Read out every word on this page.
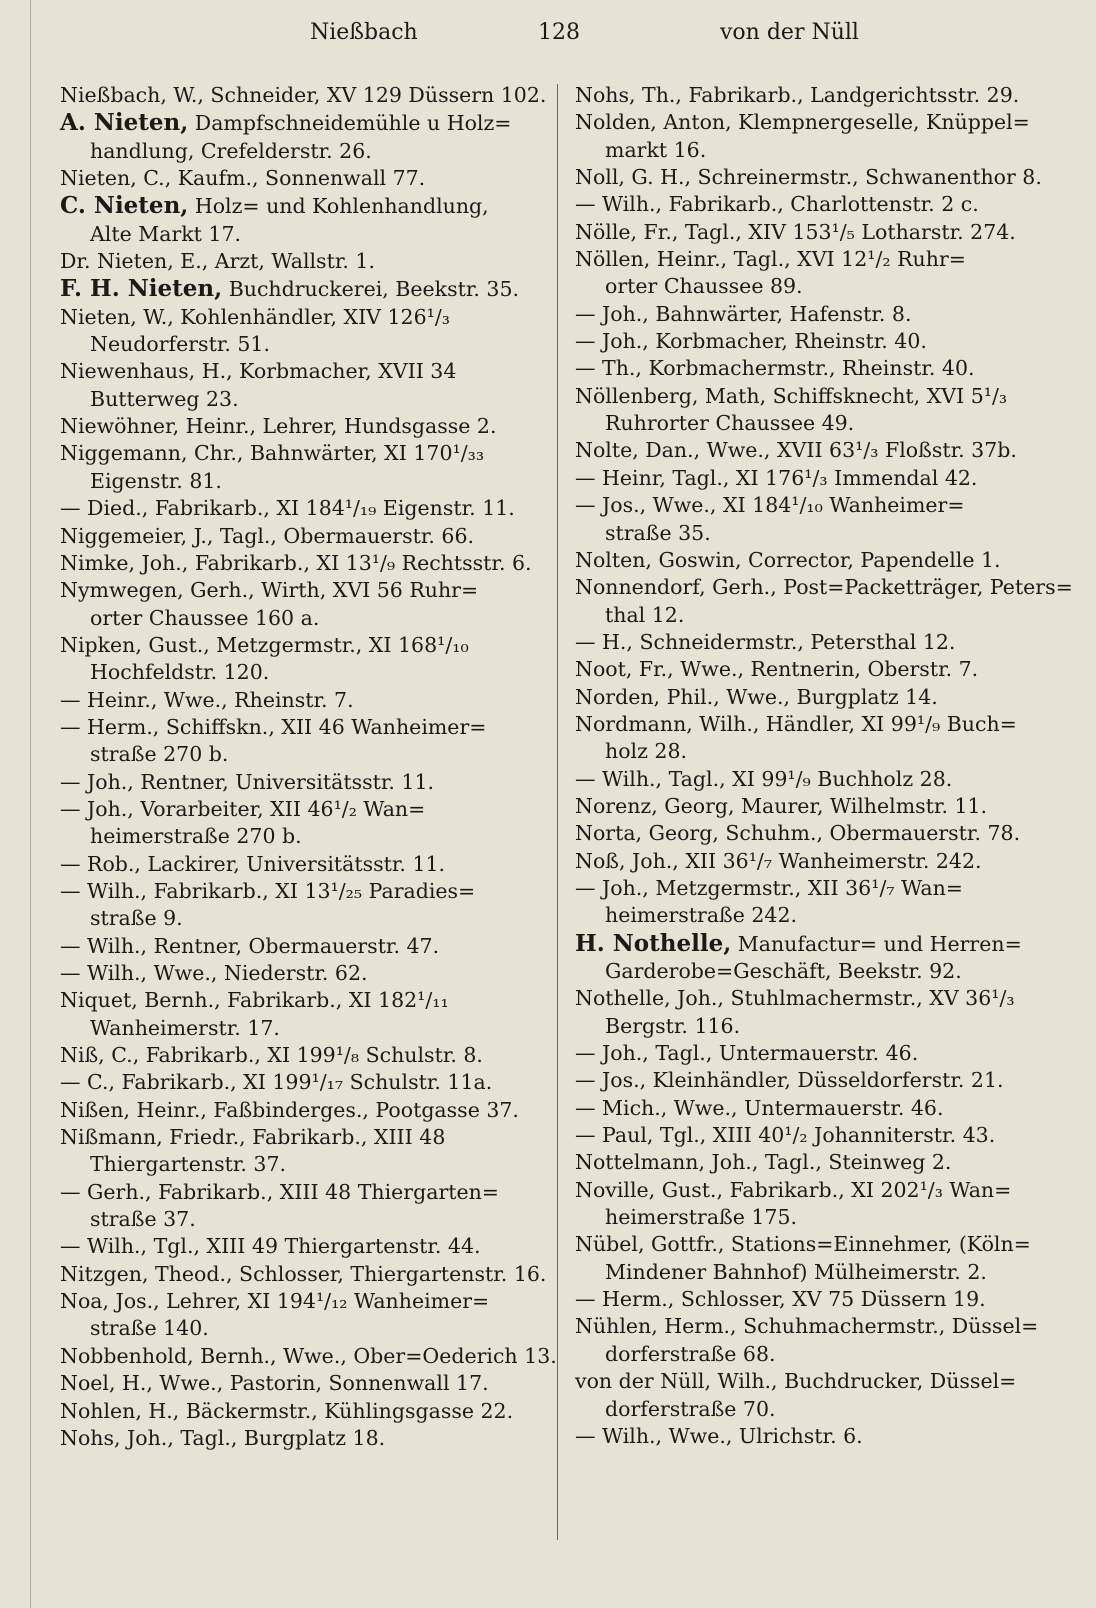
Nießbach	128	von der Nüll
Nießbach, W., Schneider, XV 129 Düssern 102.
A. Nieten, Dampfschneidemühle u Holz=
handlung, Crefelderstr. 26.
Nieten, C., Kaufm., Sonnenwall 77.
C. Nieten, Holz= und Kohlenhandlung,
Alte Markt 17.
Dr. Nieten, E., Arzt, Wallstr. 1.
F. H. Nieten, Buchdruckerei, Beekstr. 35.
Nieten, W., Kohlenhändler, XIV 126¹/₃
Neudorferstr. 51.
Niewenhaus, H., Korbmacher, XVII 34
Butterweg 23.
Niewöhner, Heinr., Lehrer, Hundsgasse 2.
Niggemann, Chr., Bahnwärter, XI 170¹/₃₃
Eigenstr. 81.
— Died., Fabrikarb., XI 184¹/₁₉ Eigenstr. 11.
Niggemeier, J., Tagl., Obermauerstr. 66.
Nimke, Joh., Fabrikarb., XI 13¹/₉ Rechtsstr. 6.
Nymwegen, Gerh., Wirth, XVI 56 Ruhr=
orter Chaussee 160 a.
Nipken, Gust., Metzgermstr., XI 168¹/₁₀
Hochfeldstr. 120.
— Heinr., Wwe., Rheinstr. 7.
— Herm., Schiffskn., XII 46 Wanheimer=
straße 270 b.
— Joh., Rentner, Universitätsstr. 11.
— Joh., Vorarbeiter, XII 46¹/₂ Wan=
heimerstraße 270 b.
— Rob., Lackirer, Universitätsstr. 11.
— Wilh., Fabrikarb., XI 13¹/₂₅ Paradies=
straße 9.
— Wilh., Rentner, Obermauerstr. 47.
— Wilh., Wwe., Niederstr. 62.
Niquet, Bernh., Fabrikarb., XI 182¹/₁₁
Wanheimerstr. 17.
Niß, C., Fabrikarb., XI 199¹/₈ Schulstr. 8.
— C., Fabrikarb., XI 199¹/₁₇ Schulstr. 11a.
Nißen, Heinr., Faßbinderges., Pootgasse 37.
Nißmann, Friedr., Fabrikarb., XIII 48
Thiergartenstr. 37.
— Gerh., Fabrikarb., XIII 48 Thiergarten=
straße 37.
— Wilh., Tgl., XIII 49 Thiergartenstr. 44.
Nitzgen, Theod., Schlosser, Thiergartenstr. 16.
Noa, Jos., Lehrer, XI 194¹/₁₂ Wanheimer=
straße 140.
Nobbenhold, Bernh., Wwe., Ober=Oederich 13.
Noel, H., Wwe., Pastorin, Sonnenwall 17.
Nohlen, H., Bäckermstr., Kühlingsgasse 22.
Nohs, Joh., Tagl., Burgplatz 18.
Nohs, Th., Fabrikarb., Landgerichtsstr. 29.
Nolden, Anton, Klempnergeselle, Knüppel=
markt 16.
Noll, G. H., Schreinermstr., Schwanenthor 8.
— Wilh., Fabrikarb., Charlottenstr. 2 c.
Nölle, Fr., Tagl., XIV 153¹/₅ Lotharstr. 274.
Nöllen, Heinr., Tagl., XVI 12¹/₂ Ruhr=
orter Chaussee 89.
— Joh., Bahnwärter, Hafenstr. 8.
— Joh., Korbmacher, Rheinstr. 40.
— Th., Korbmachermstr., Rheinstr. 40.
Nöllenberg, Math, Schiffsknecht, XVI 5¹/₃
Ruhrorter Chaussee 49.
Nolte, Dan., Wwe., XVII 63¹/₃ Floßstr. 37b.
— Heinr, Tagl., XI 176¹/₃ Immendal 42.
— Jos., Wwe., XI 184¹/₁₀ Wanheimer=
straße 35.
Nolten, Goswin, Corrector, Papendelle 1.
Nonnendorf, Gerh., Post=Packetträger, Peters=
thal 12.
— H., Schneidermstr., Petersthal 12.
Noot, Fr., Wwe., Rentnerin, Oberstr. 7.
Norden, Phil., Wwe., Burgplatz 14.
Nordmann, Wilh., Händler, XI 99¹/₉ Buch=
holz 28.
— Wilh., Tagl., XI 99¹/₉ Buchholz 28.
Norenz, Georg, Maurer, Wilhelmstr. 11.
Norta, Georg, Schuhm., Obermauerstr. 78.
Noß, Joh., XII 36¹/₇ Wanheimerstr. 242.
— Joh., Metzgermstr., XII 36¹/₇ Wan=
heimerstraße 242.
H. Nothelle, Manufactur= und Herren=
Garderobe=Geschäft, Beekstr. 92.
Nothelle, Joh., Stuhlmachermstr., XV 36¹/₃
Bergstr. 116.
— Joh., Tagl., Untermauerstr. 46.
— Jos., Kleinhändler, Düsseldorferstr. 21.
— Mich., Wwe., Untermauerstr. 46.
— Paul, Tgl., XIII 40¹/₂ Johanniterstr. 43.
Nottelmann, Joh., Tagl., Steinweg 2.
Noville, Gust., Fabrikarb., XI 202¹/₃ Wan=
heimerstraße 175.
Nübel, Gottfr., Stations=Einnehmer, (Köln=
Mindener Bahnhof) Mülheimerstr. 2.
— Herm., Schlosser, XV 75 Düssern 19.
Nühlen, Herm., Schuhmachermstr., Düssel=
dorferstraße 68.
von der Nüll, Wilh., Buchdrucker, Düssel=
dorferstraße 70.
— Wilh., Wwe., Ulrichstr. 6.
